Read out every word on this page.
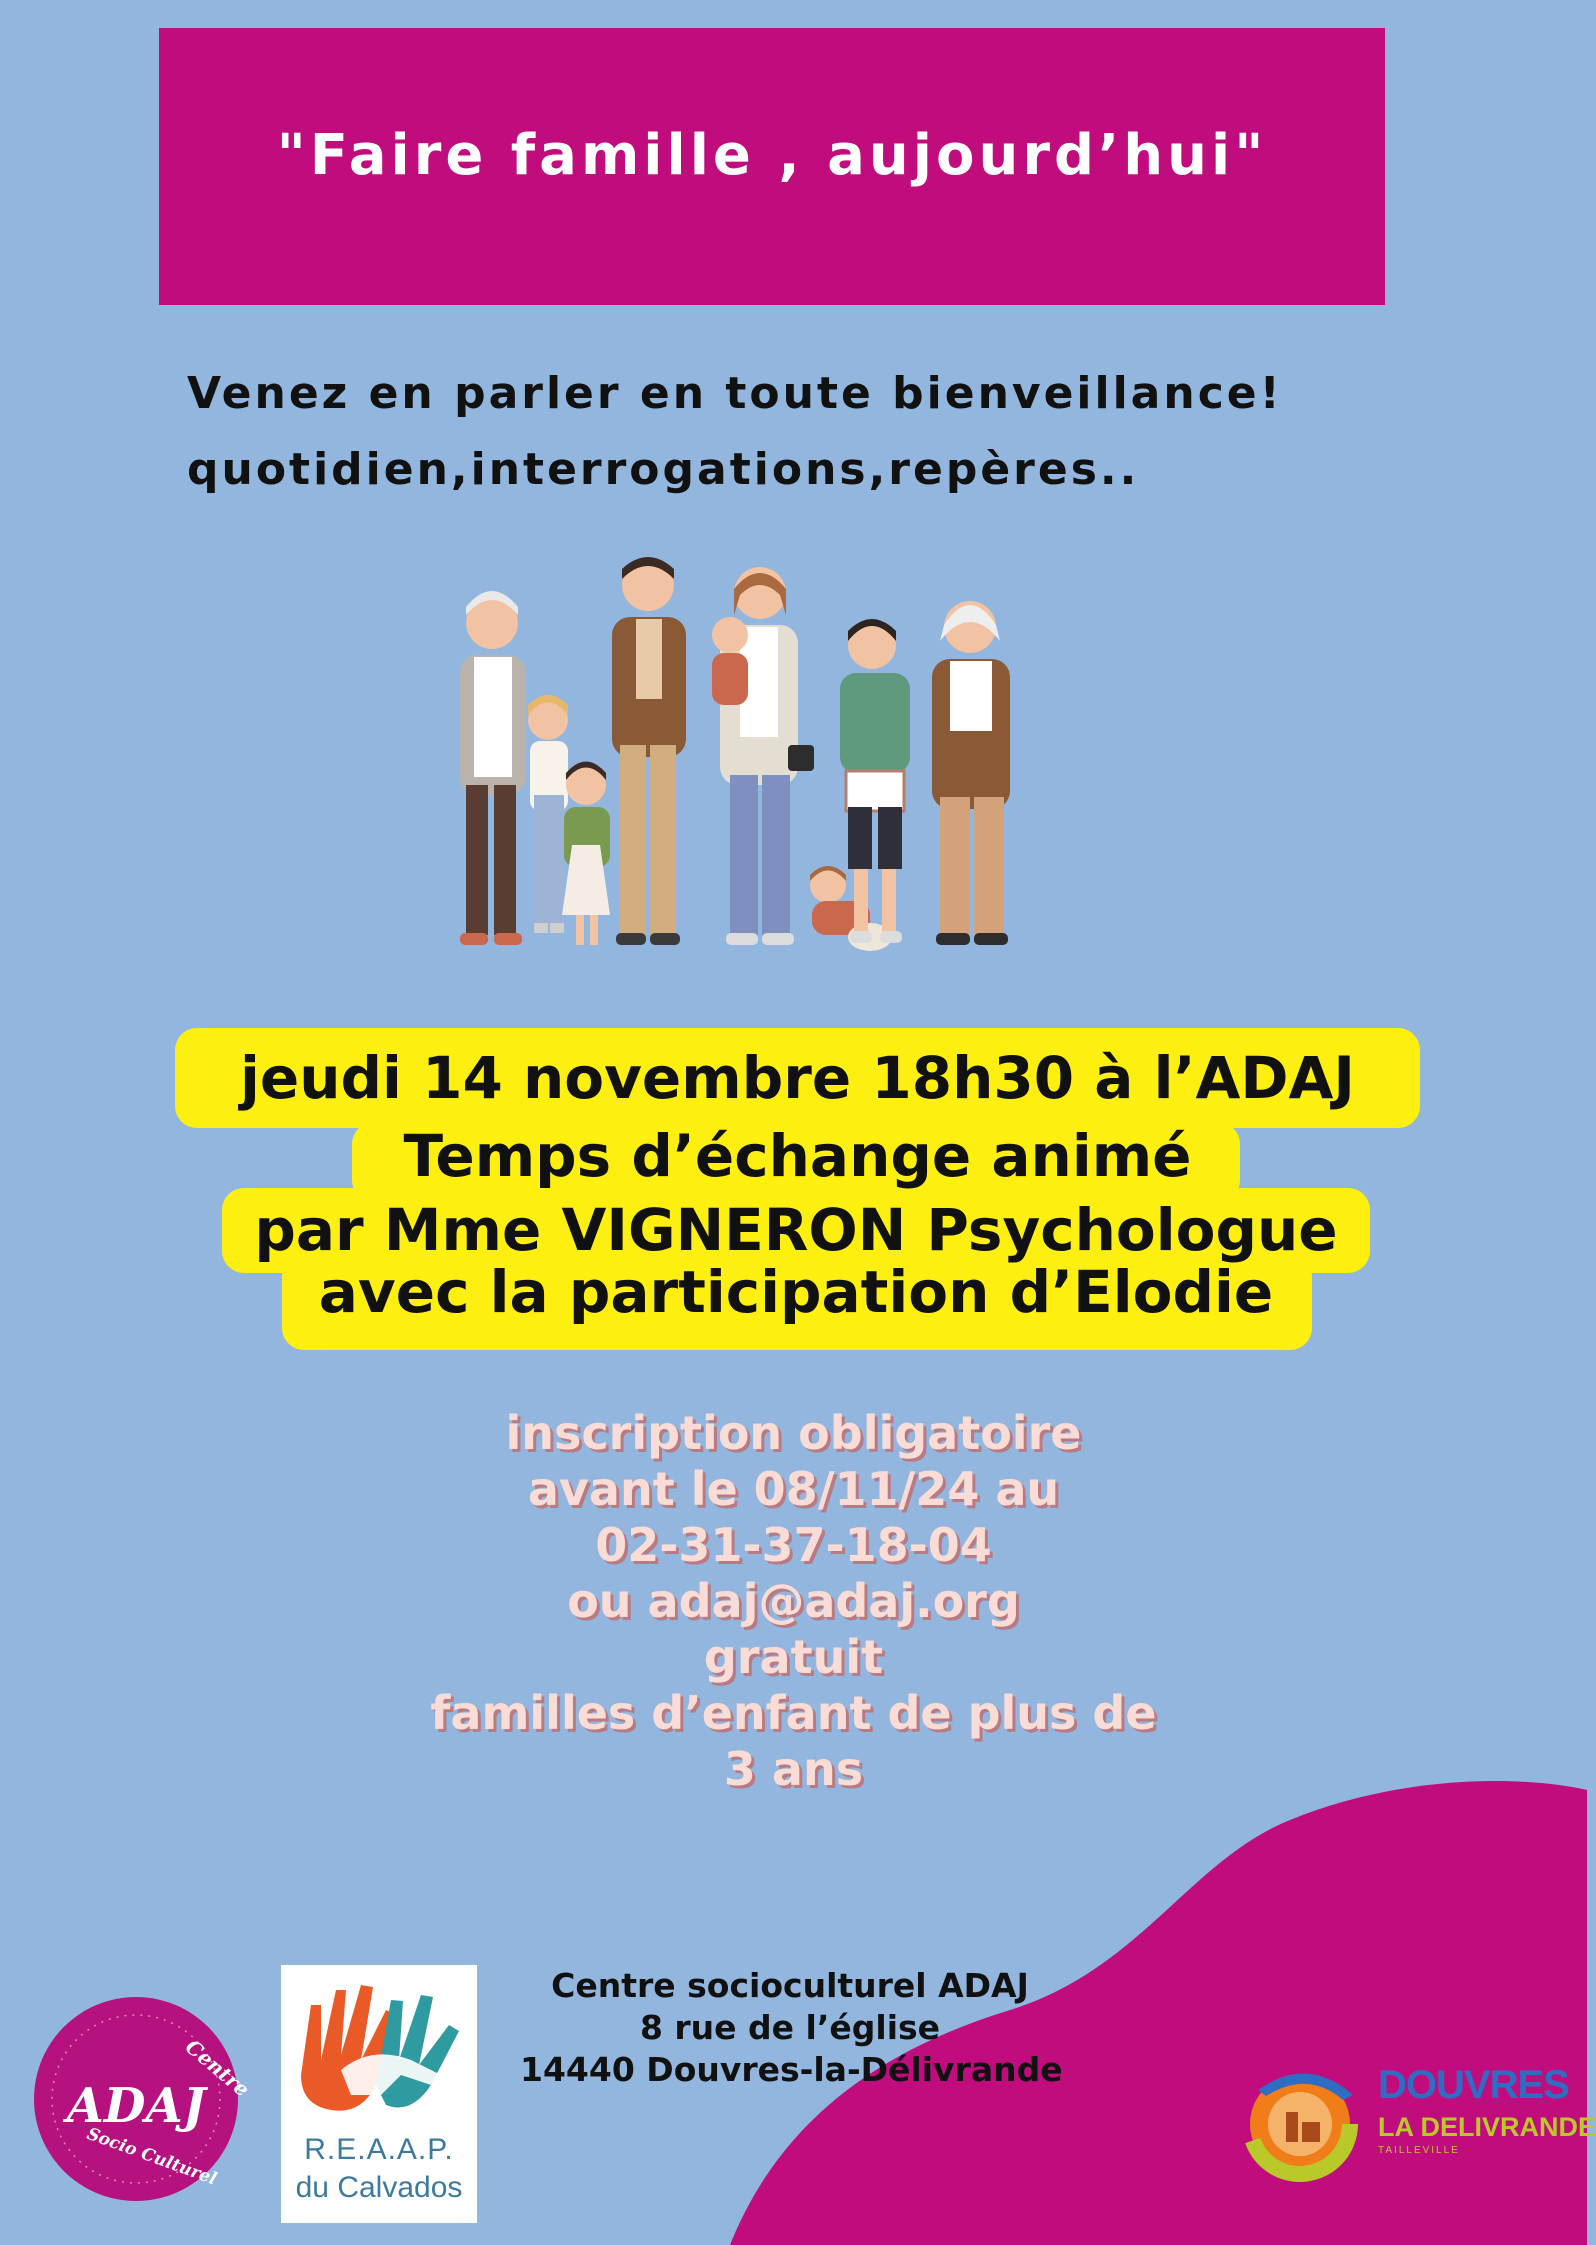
"Faire famille , aujourd’hui"
Venez en parler en toute bienveillance!
quotidien,interrogations,repères..
jeudi 14 novembre 18h30 à l’ADAJ
Temps d’échange animé
par Mme VIGNERON Psychologue
avec la participation d’Elodie
inscription obligatoire
avant le 08/11/24 au
02-31-37-18-04
ou adaj@adaj.org
gratuit
familles d’enfant de plus de
3 ans
Centre
ADAJ
Socio Culturel	R.E.A.A.P.
du Calvados
Centre socioculturel ADAJ
8 rue de l’église
14440 Douvres-la-Délivrande	DOUVRES
LA DELIVRANDE
TAILLEVILLE
